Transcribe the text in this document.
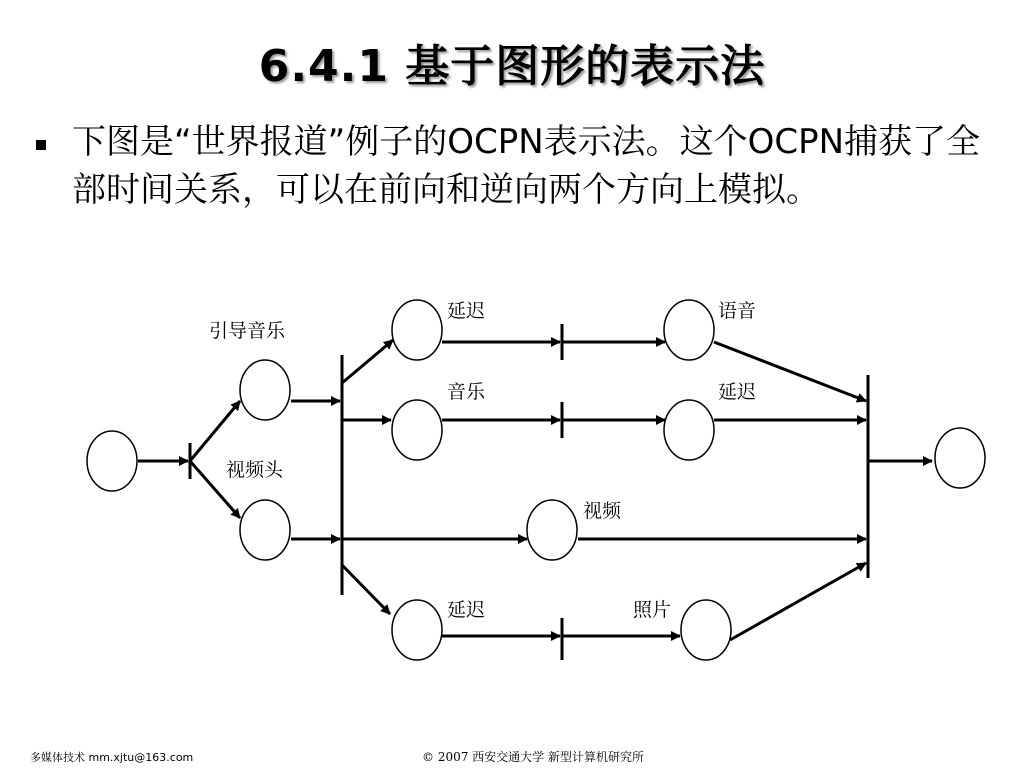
6.4.1 基于图形的表示法
下图是“世界报道”例子的OCPN表示法。这个OCPN捕获了全部时间关系，可以在前向和逆向两个方向上模拟。
引导音乐
视频头
延迟	语音
音乐	延迟
视频
延迟	照片
多媒体技术 mm.xjtu@163.com	© 2007 西安交通大学 新型计算机研究所
